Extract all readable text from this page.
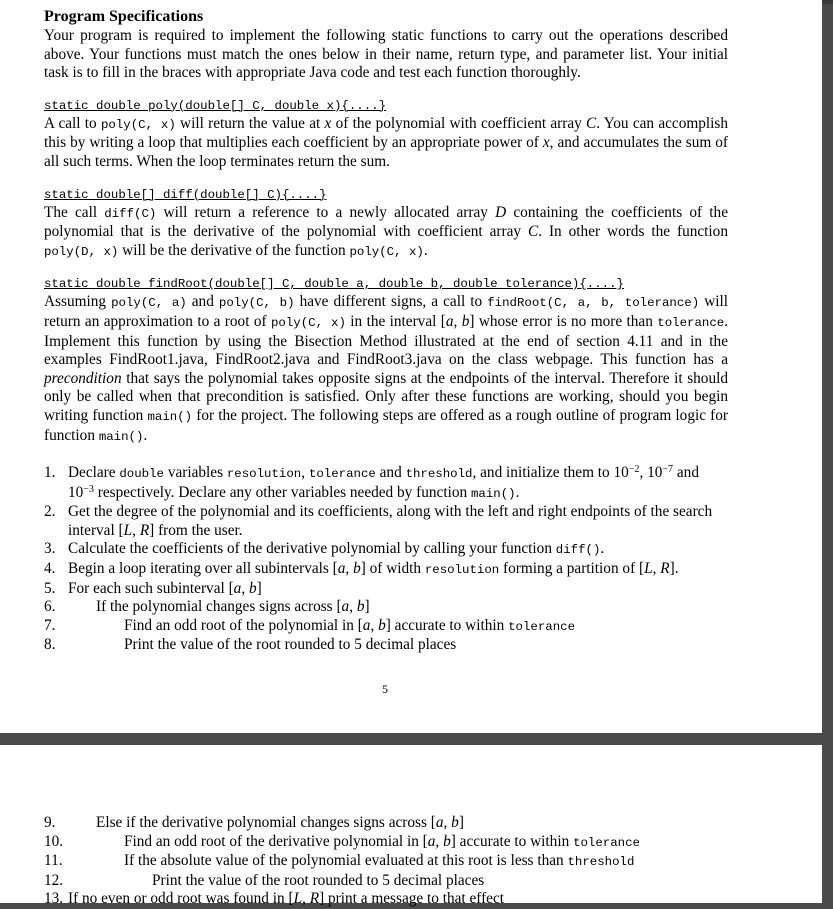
Program Specifications

Your program is required to implement the following static functions to carry out the operations described above. Your functions must match the ones below in their name, return type, and parameter list. Your initial task is to fill in the braces with appropriate Java code and test each function thoroughly.

static double poly(double[] C, double x){....}

A call to poly(C, x) will return the value at x of the polynomial with coefficient array C. You can accomplish this by writing a loop that multiplies each coefficient by an appropriate power of x, and accumulates the sum of all such terms. When the loop terminates return the sum.

static double[] diff(double[] C){....}

The call diff(C) will return a reference to a newly allocated array D containing the coefficients of the polynomial that is the derivative of the polynomial with coefficient array C. In other words the function poly(D, x) will be the derivative of the function poly(C, x).

static double findRoot(double[] C, double a, double b, double tolerance){....}

Assuming poly(C, a) and poly(C, b) have different signs, a call to findRoot(C, a, b, tolerance) will return an approximation to a root of poly(C, x) in the interval [a, b] whose error is no more than tolerance. Implement this function by using the Bisection Method illustrated at the end of section 4.11 and in the examples FindRoot1.java, FindRoot2.java and FindRoot3.java on the class webpage. This function has a precondition that says the polynomial takes opposite signs at the endpoints of the interval. Therefore it should only be called when that precondition is satisfied. Only after these functions are working, should you begin writing function main() for the project. The following steps are offered as a rough outline of program logic for function main().

1. Declare double variables resolution, tolerance and threshold, and initialize them to $10^{-2}$, $10^{-7}$ and $10^{-3}$ respectively. Declare any other variables needed by function main().
2. Get the degree of the polynomial and its coefficients, along with the left and right endpoints of the search interval [L, R] from the user.
3. Calculate the coefficients of the derivative polynomial by calling your function diff().
4. Begin a loop iterating over all subintervals [a, b] of width resolution forming a partition of [L, R].
5. For each such subinterval [a, b]
6.	If the polynomial changes signs across [a, b]
7.	Find an odd root of the polynomial in [a, b] accurate to within tolerance
8.	Print the value of the root rounded to 5 decimal places
5
9.	Else if the derivative polynomial changes signs across [a, b]
10.	Find an odd root of the derivative polynomial in [a, b] accurate to within tolerance
11.	If the absolute value of the polynomial evaluated at this root is less than threshold
12.	Print the value of the root rounded to 5 decimal places
13. If no even or odd root was found in [L, R] print a message to that effect
